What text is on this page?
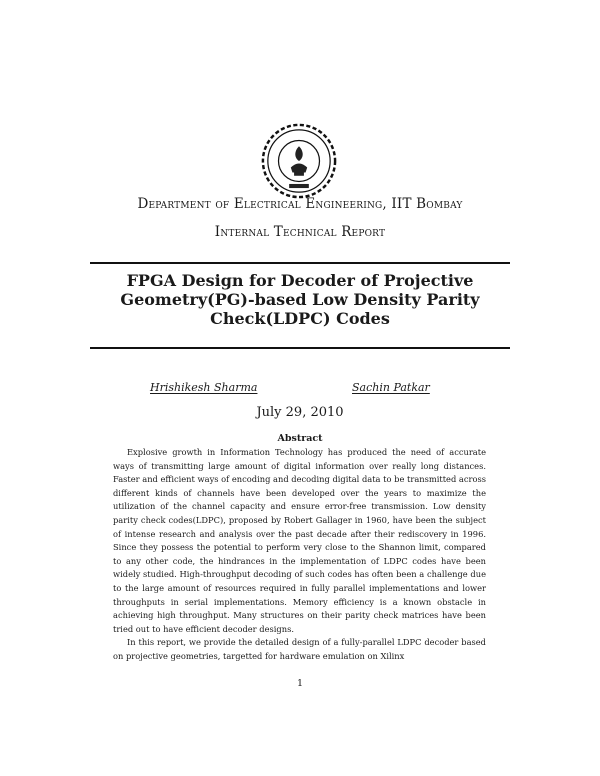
Department of Electrical Engineering, IIT Bombay
Internal Technical Report
FPGA Design for Decoder of Projective Geometry(PG)-based Low Density Parity Check(LDPC) Codes
Hrishikesh Sharma	Sachin Patkar
July 29, 2010
Abstract

Explosive growth in Information Technology has produced the need of accurate ways of transmitting large amount of digital information over really long distances. Faster and efficient ways of encoding and decoding digital data to be transmitted across different kinds of channels have been developed over the years to maximize the utilization of the channel capacity and ensure error-free transmission. Low density parity check codes(LDPC), proposed by Robert Gallager in 1960, have been the subject of intense research and analysis over the past decade after their rediscovery in 1996. Since they possess the potential to perform very close to the Shannon limit, compared to any other code, the hindrances in the implementation of LDPC codes have been widely studied. High-throughput decoding of such codes has often been a challenge due to the large amount of resources required in fully parallel implementations and lower throughputs in serial implementations. Memory efficiency is a known obstacle in achieving high throughput. Many structures on their parity check matrices have been tried out to have efficient decoder designs.

In this report, we provide the detailed design of a fully-parallel LDPC decoder based on projective geometries, targetted for hardware emulation on Xilinx

1
